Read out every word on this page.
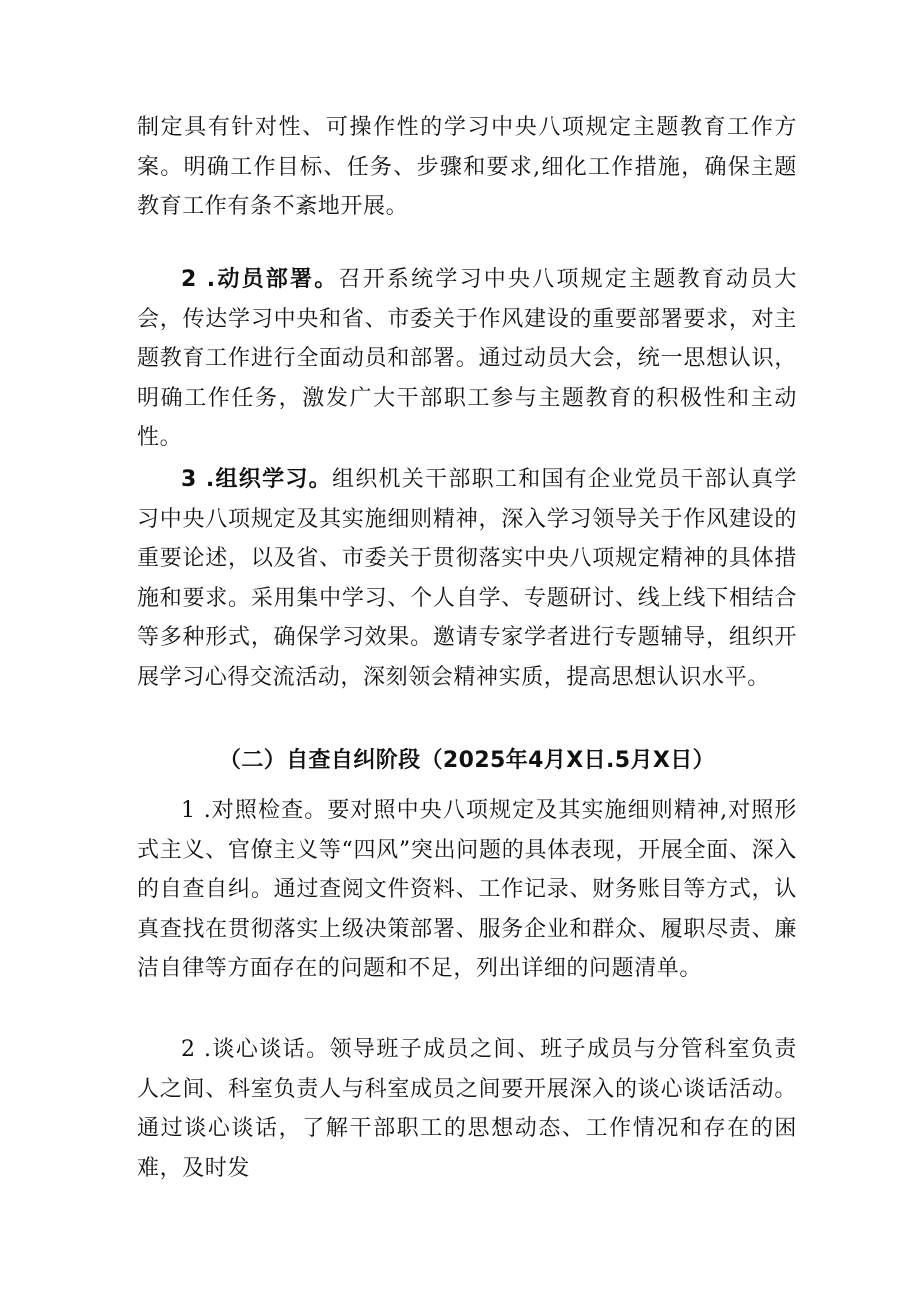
制定具有针对性、可操作性的学习中央八项规定主题教育工作方案。明确工作目标、任务、步骤和要求,细化工作措施，确保主题教育工作有条不紊地开展。

2 .动员部署。召开系统学习中央八项规定主题教育动员大会，传达学习中央和省、市委关于作风建设的重要部署要求，对主题教育工作进行全面动员和部署。通过动员大会，统一思想认识，明确工作任务，激发广大干部职工参与主题教育的积极性和主动性。

3 .组织学习。组织机关干部职工和国有企业党员干部认真学习中央八项规定及其实施细则精神，深入学习领导关于作风建设的重要论述，以及省、市委关于贯彻落实中央八项规定精神的具体措施和要求。采用集中学习、个人自学、专题研讨、线上线下相结合等多种形式，确保学习效果。邀请专家学者进行专题辅导，组织开展学习心得交流活动，深刻领会精神实质，提高思想认识水平。

（二）自查自纠阶段（2025年4月X日.5月X日）

1 .对照检查。要对照中央八项规定及其实施细则精神,对照形式主义、官僚主义等“四风”突出问题的具体表现，开展全面、深入的自查自纠。通过查阅文件资料、工作记录、财务账目等方式，认真查找在贯彻落实上级决策部署、服务企业和群众、履职尽责、廉洁自律等方面存在的问题和不足，列出详细的问题清单。

2 .谈心谈话。领导班子成员之间、班子成员与分管科室负责人之间、科室负责人与科室成员之间要开展深入的谈心谈话活动。通过谈心谈话，了解干部职工的思想动态、工作情况和存在的困难，及时发
